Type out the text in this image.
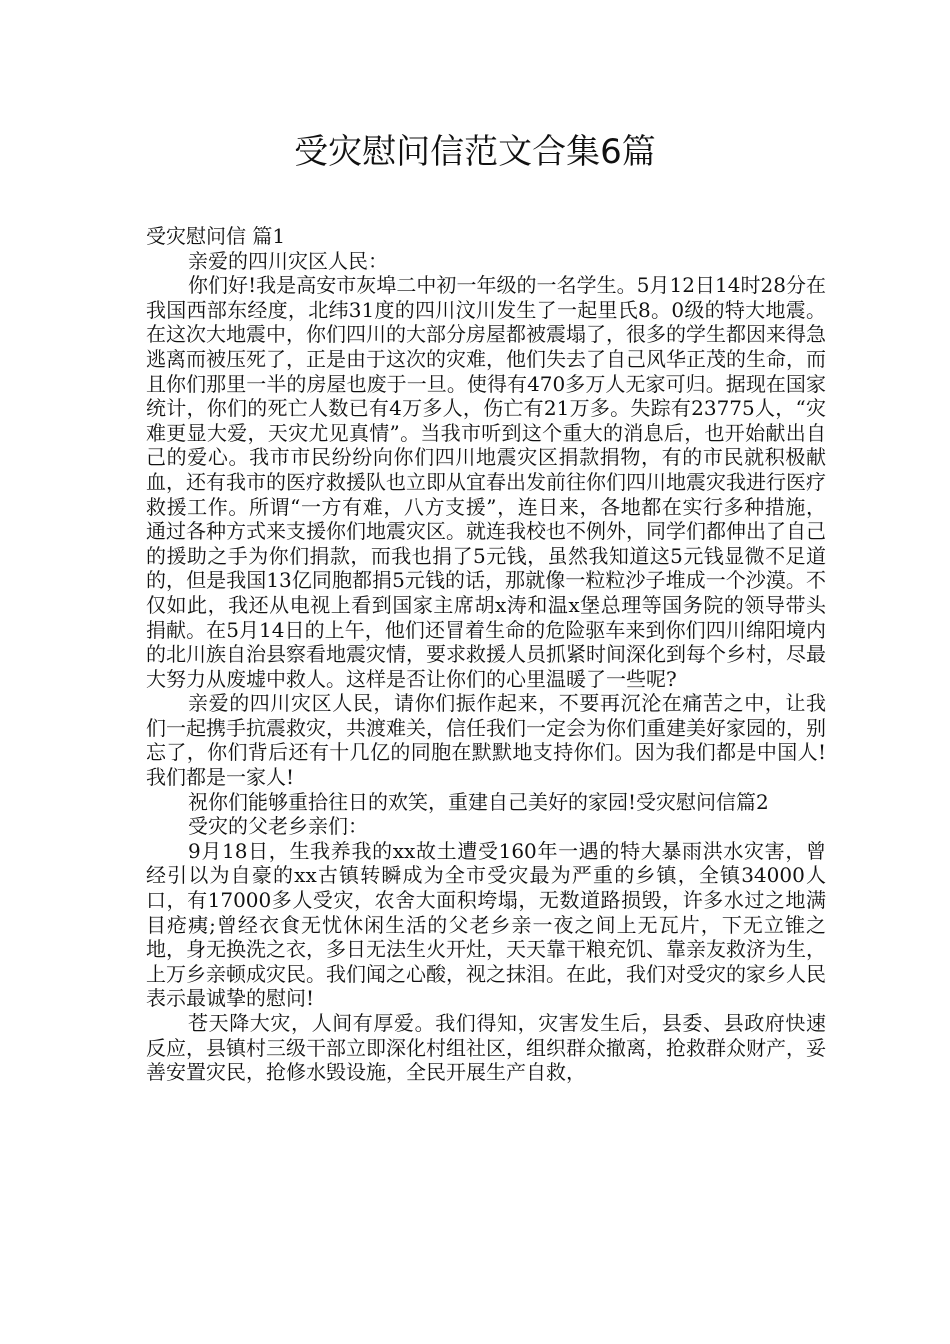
受灾慰问信范文合集6篇

受灾慰问信 篇1

亲爱的四川灾区人民：

你们好!我是高安市灰埠二中初一年级的一名学生。5月12日14时28分在我国西部东经度，北纬31度的四川汶川发生了一起里氏8。0级的特大地震。在这次大地震中，你们四川的大部分房屋都被震塌了，很多的学生都因来得急逃离而被压死了，正是由于这次的灾难，他们失去了自己风华正茂的生命，而且你们那里一半的房屋也废于一旦。使得有470多万人无家可归。据现在国家统计，你们的死亡人数已有4万多人，伤亡有21万多。失踪有23775人，“灾难更显大爱，天灾尤见真情”。当我市听到这个重大的消息后，也开始献出自己的爱心。我市市民纷纷向你们四川地震灾区捐款捐物，有的市民就积极献血，还有我市的医疗救援队也立即从宜春出发前往你们四川地震灾我进行医疗救援工作。所谓“一方有难，八方支援”，连日来，各地都在实行多种措施，通过各种方式来支援你们地震灾区。就连我校也不例外，同学们都伸出了自己的援助之手为你们捐款，而我也捐了5元钱，虽然我知道这5元钱显微不足道的，但是我国13亿同胞都捐5元钱的话，那就像一粒粒沙子堆成一个沙漠。不仅如此，我还从电视上看到国家主席胡x涛和温x堡总理等国务院的领导带头捐献。在5月14日的上午，他们还冒着生命的危险驱车来到你们四川绵阳境内的北川族自治县察看地震灾情，要求救援人员抓紧时间深化到每个乡村，尽最大努力从废墟中救人。这样是否让你们的心里温暖了一些呢?

亲爱的四川灾区人民，请你们振作起来，不要再沉沦在痛苦之中，让我们一起携手抗震救灾，共渡难关，信任我们一定会为你们重建美好家园的，别忘了，你们背后还有十几亿的同胞在默默地支持你们。因为我们都是中国人!我们都是一家人!

祝你们能够重拾往日的欢笑，重建自己美好的家园!受灾慰问信篇2

受灾的父老乡亲们：

9月18日，生我养我的xx故土遭受160年一遇的特大暴雨洪水灾害，曾经引以为自豪的xx古镇转瞬成为全市受灾最为严重的乡镇，全镇34000人口，有17000多人受灾，农舍大面积垮塌，无数道路损毁，许多水过之地满目疮痍;曾经衣食无忧休闲生活的父老乡亲一夜之间上无瓦片，下无立锥之地，身无换洗之衣，多日无法生火开灶，天天靠干粮充饥、靠亲友救济为生，上万乡亲顿成灾民。我们闻之心酸，视之抹泪。在此，我们对受灾的家乡人民表示最诚挚的慰问!

苍天降大灾，人间有厚爱。我们得知，灾害发生后，县委、县政府快速反应，县镇村三级干部立即深化村组社区，组织群众撤离，抢救群众财产，妥善安置灾民，抢修水毁设施，全民开展生产自救，
